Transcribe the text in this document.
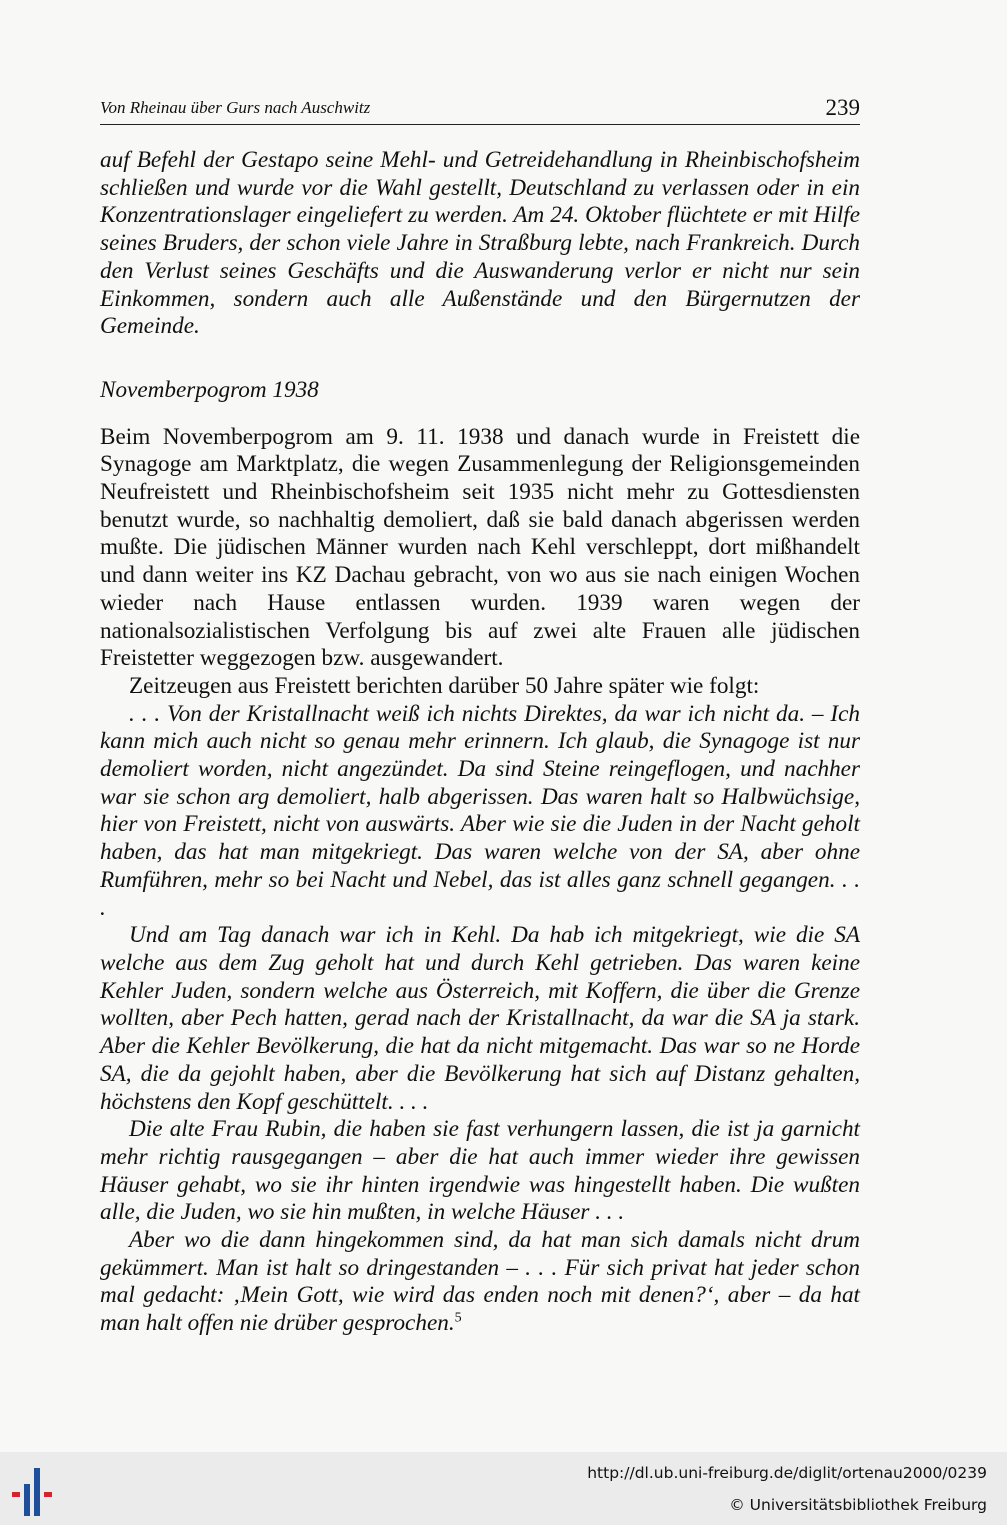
Von Rheinau über Gurs nach Auschwitz	239

auf Befehl der Gestapo seine Mehl- und Getreidehandlung in Rheinbischofsheim schließen und wurde vor die Wahl gestellt, Deutschland zu verlassen oder in ein Konzentrationslager eingeliefert zu werden. Am 24. Oktober flüchtete er mit Hilfe seines Bruders, der schon viele Jahre in Straßburg lebte, nach Frankreich. Durch den Verlust seines Geschäfts und die Auswanderung verlor er nicht nur sein Einkommen, sondern auch alle Außenstände und den Bürgernutzen der Gemeinde.

Novemberpogrom 1938

Beim Novemberpogrom am 9. 11. 1938 und danach wurde in Freistett die Synagoge am Marktplatz, die wegen Zusammenlegung der Religionsgemeinden Neufreistett und Rheinbischofsheim seit 1935 nicht mehr zu Gottesdiensten benutzt wurde, so nachhaltig demoliert, daß sie bald danach abgerissen werden mußte. Die jüdischen Männer wurden nach Kehl verschleppt, dort mißhandelt und dann weiter ins KZ Dachau gebracht, von wo aus sie nach einigen Wochen wieder nach Hause entlassen wurden. 1939 waren wegen der nationalsozialistischen Verfolgung bis auf zwei alte Frauen alle jüdischen Freistetter weggezogen bzw. ausgewandert.

Zeitzeugen aus Freistett berichten darüber 50 Jahre später wie folgt:

. . . Von der Kristallnacht weiß ich nichts Direktes, da war ich nicht da. – Ich kann mich auch nicht so genau mehr erinnern. Ich glaub, die Synagoge ist nur demoliert worden, nicht angezündet. Da sind Steine reingeflogen, und nachher war sie schon arg demoliert, halb abgerissen. Das waren halt so Halbwüchsige, hier von Freistett, nicht von auswärts. Aber wie sie die Juden in der Nacht geholt haben, das hat man mitgekriegt. Das waren welche von der SA, aber ohne Rumführen, mehr so bei Nacht und Nebel, das ist alles ganz schnell gegangen. . . .

Und am Tag danach war ich in Kehl. Da hab ich mitgekriegt, wie die SA welche aus dem Zug geholt hat und durch Kehl getrieben. Das waren keine Kehler Juden, sondern welche aus Österreich, mit Koffern, die über die Grenze wollten, aber Pech hatten, gerad nach der Kristallnacht, da war die SA ja stark. Aber die Kehler Bevölkerung, die hat da nicht mitgemacht. Das war so ne Horde SA, die da gejohlt haben, aber die Bevölkerung hat sich auf Distanz gehalten, höchstens den Kopf geschüttelt. . . .

Die alte Frau Rubin, die haben sie fast verhungern lassen, die ist ja garnicht mehr richtig rausgegangen – aber die hat auch immer wieder ihre gewissen Häuser gehabt, wo sie ihr hinten irgendwie was hingestellt haben. Die wußten alle, die Juden, wo sie hin mußten, in welche Häuser . . .

Aber wo die dann hingekommen sind, da hat man sich damals nicht drum gekümmert. Man ist halt so dringestanden – . . . Für sich privat hat jeder schon mal gedacht: ‚Mein Gott, wie wird das enden noch mit denen?‘, aber – da hat man halt offen nie drüber gesprochen.$^5$

http://dl.ub.uni-freiburg.de/diglit/ortenau2000/0239
© Universitätsbibliothek Freiburg
